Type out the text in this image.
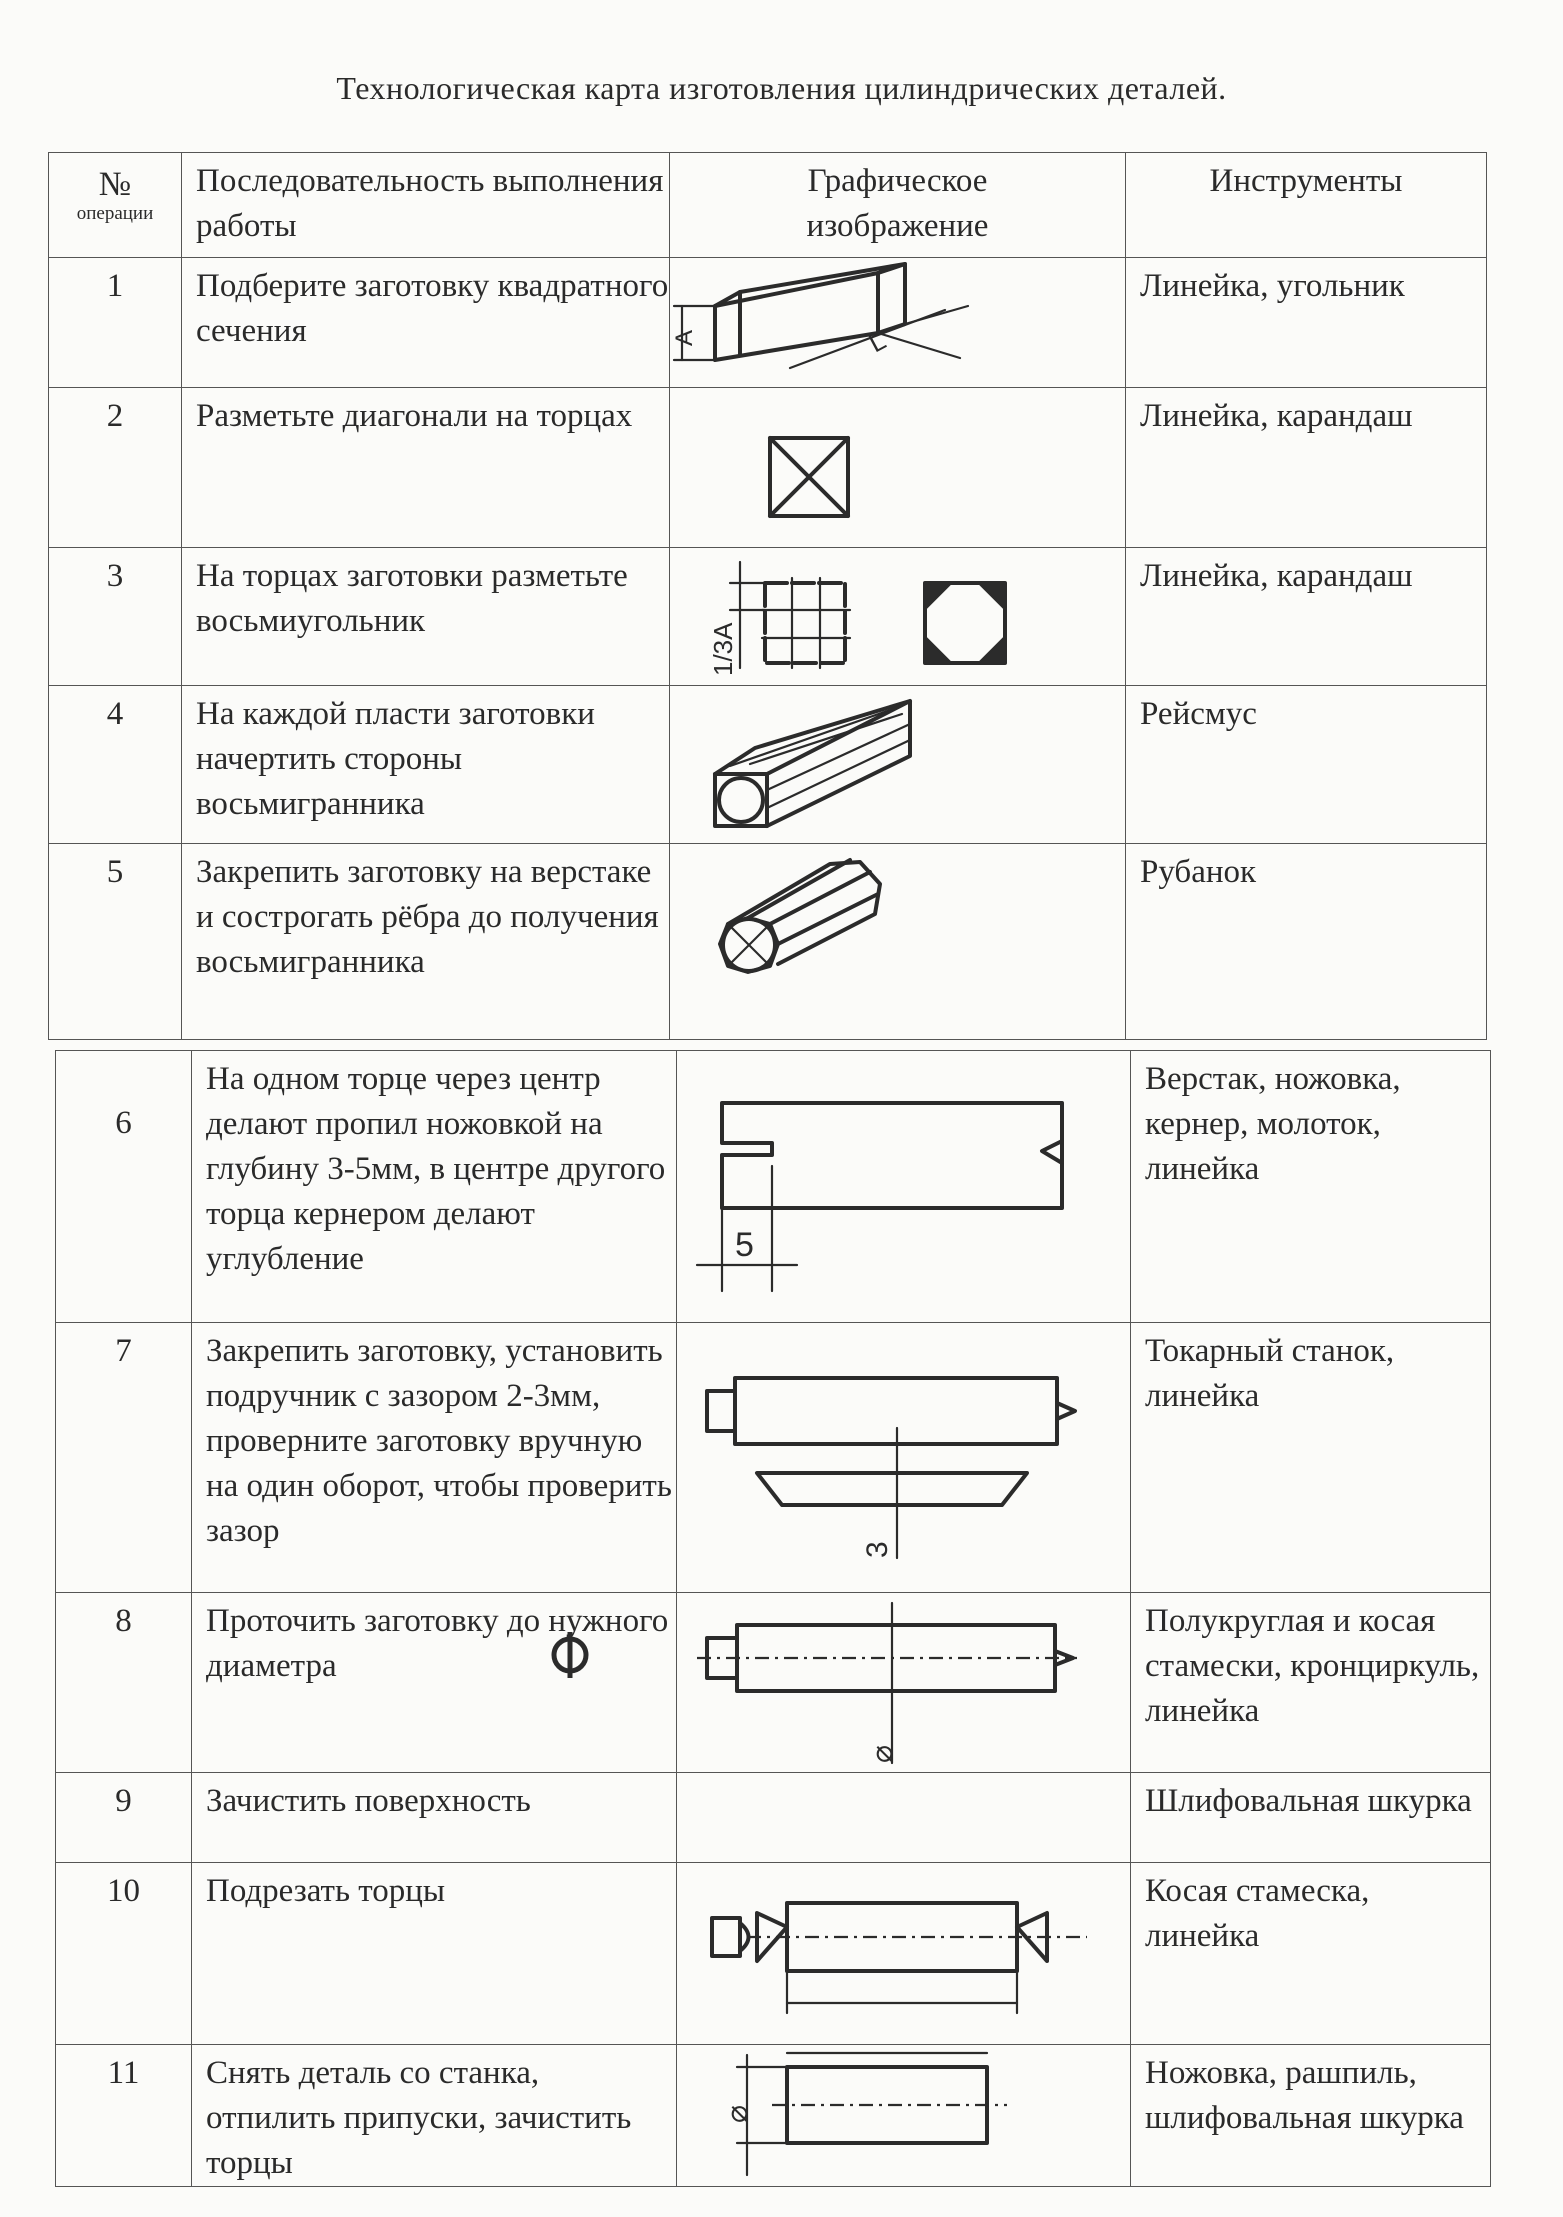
Технологическая карта изготовления цилиндрических деталей.
№
операции	Последовательность выполнения работы	Графическое изображение	Инструменты
1	Подберите заготовку квадратного сечения	A L	Линейка, угольник
2	Разметьте диагонали на торцах		Линейка, карандаш
3	На торцах заготовки разметьте восьмиугольник	1/3A	Линейка, карандаш
4	На каждой пласти заготовки начертить стороны восьмигранника		Рейсмус
5	Закрепить заготовку на верстаке и сострогать рёбра до получения восьмигранника		Рубанок
6	На одном торце через центр делают пропил ножовкой на глубину 3-5мм, в центре другого торца кернером делают углубление	5	Верстак, ножовка, кернер, молоток, линейка
7	Закрепить заготовку, установить подручник с зазором 2-3мм, проверните заготовку вручную на один оборот, чтобы проверить зазор	3	Токарный станок, линейка
8	Проточить заготовку до нужного диаметра	⌀	Полукруглая и косая стамески, кронциркуль, линейка
9	Зачистить поверхность		Шлифовальная шкурка
10	Подрезать торцы		Косая стамеска, линейка
11	Снять деталь со станка, отпилить припуски, зачистить торцы	⌀	Ножовка, рашпиль, шлифовальная шкурка
